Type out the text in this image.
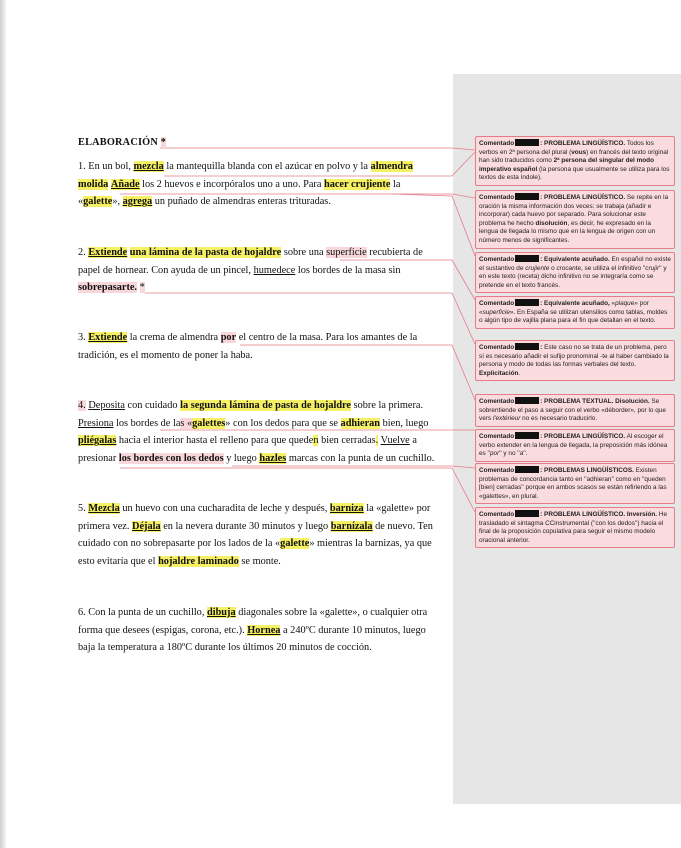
ELABORACIÓN *

1. En un bol, mezcla la mantequilla blanda con el azúcar en polvo y la almendra molida Añade los 2 huevos e incorpóralos uno a uno. Para hacer crujiente la «galette», agrega un puñado de almendras enteras trituradas.

2. Extiende una lámina de la pasta de hojaldre sobre una superficie recubierta de papel de hornear. Con ayuda de un pincel, humedece los bordes de la masa sin sobrepasarte. *

3. Extiende la crema de almendra por el centro de la masa. Para los amantes de la tradición, es el momento de poner la haba.

4. Deposita con cuidado la segunda lámina de pasta de hojaldre sobre la primera. Presiona los bordes de las «galettes» con los dedos para que se adhieran bien, luego pliégalas hacia el interior hasta el relleno para que queden bien cerradas. Vuelve a presionar los bordes con los dedos y luego hazles marcas con la punta de un cuchillo.

5. Mezcla un huevo con una cucharadita de leche y después, barniza la «galette» por primera vez. Déjala en la nevera durante 30 minutos y luego barnízala de nuevo. Ten cuidado con no sobrepasarte por los lados de la «galette» mientras la barnizas, ya que esto evitaría que el hojaldre laminado se monte.

6. Con la punta de un cuchillo, dibuja diagonales sobre la «galette», o cualquier otra forma que desees (espigas, corona, etc.). Hornea a 240ºC durante 10 minutos, luego baja la temperatura a 180ºC durante los últimos 20 minutos de cocción.

Comentado	: PROBLEMA LINGÜÍSTICO. Todos los verbos en 2ª persona del plural (vous) en francés del texto original han sido traducidos como 2ª persona del singular del modo imperativo español (la persona que usualmente se utiliza para los textos de esta índole).
Comentado	: PROBLEMA LINGÜÍSTICO. Se repite en la oración la misma información dos veces: se trabaja (añadir e incorporar) cada huevo por separado. Para solucionar este problema he hecho disolución, es decir, he expresado en la lengua de llegada lo mismo que en la lengua de origen con un número menos de significantes.
Comentado	: Equivalente acuñado. En español no existe el sustantivo de crujiente o crocante, se utiliza el infinitivo ''crujir'' y en este texto (receta) dicho infinitivo no se integraría como se pretende en el texto francés.
Comentado	: Equivalente acuñado, «plaque» por «superficie». En España se utilizan utensilios como tablas, moldes o algún tipo de vajilla plana para el fin que detallan en el texto.
Comentado	: Este caso no se trata de un problema, pero sí es necesario añadir el sufijo pronominal -te al haber cambiado la persona y modo de todas las formas verbales del texto. Explicitación.
Comentado	: PROBLEMA TEXTUAL. Disolución. Se sobrentiende el paso a seguir con el verbo «déborder», por lo que vers l'extérieur no es necesario traducirlo.
Comentado	: PROBLEMA LINGÜÍSTICO. Al escoger el verbo extender en la lengua de llegada, la preposición más idónea es ''por'' y no ''a''.
Comentado	: PROBLEMAS LINGÜÍSTICOS. Existen problemas de concordancia tanto en ''adhieran'' como en ''queden [bien] cerradas'' porque en ambos scasos se están refiriendo a las «galettes», en plural.
Comentado	: PROBLEMA LINGÜÍSTICO. Inversión. He trasladado el sintagma CCinstrumental (''con los dedos'') hacia el final de la proposición copulativa para seguir el mismo modelo oracional anterior.
